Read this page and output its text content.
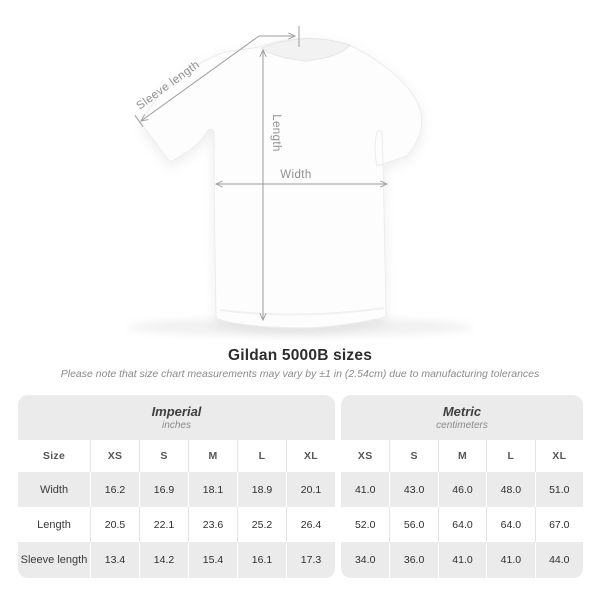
Sleeve length
Length
Width
Gildan 5000B sizes
Please note that size chart measurements may vary by ±1 in (2.54cm) due to manufacturing tolerances
Imperial
inches
Size	XS	S	M	L	XL
Width	16.2	16.9	18.1	18.9	20.1
Length	20.5	22.1	23.6	25.2	26.4
Sleeve length	13.4	14.2	15.4	16.1	17.3
Metric
centimeters
XS	S	M	L	XL
41.0	43.0	46.0	48.0	51.0
52.0	56.0	64.0	64.0	67.0
34.0	36.0	41.0	41.0	44.0
